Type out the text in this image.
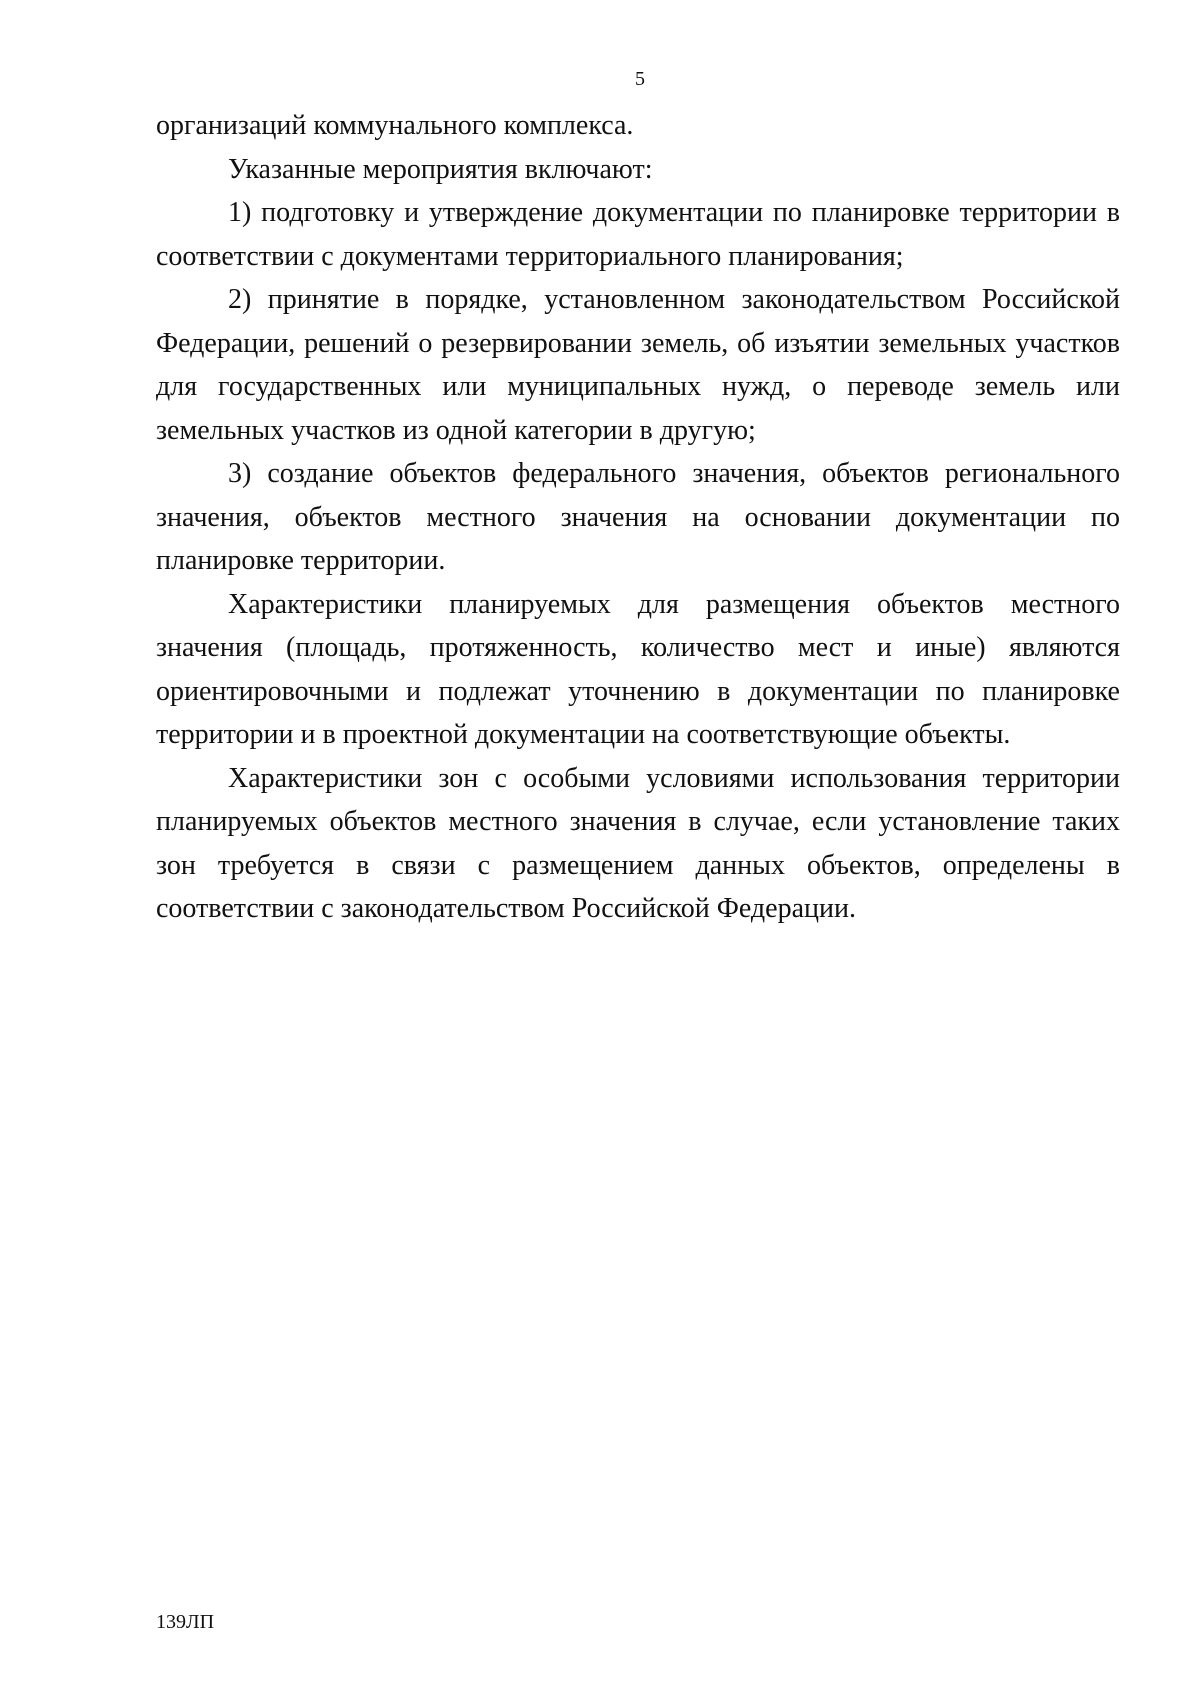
5

организаций коммунального комплекса.

Указанные мероприятия включают:

1) подготовку и утверждение документации по планировке территории в соответствии с документами территориального планирования;

2) принятие в порядке, установленном законодательством Российской Федерации, решений о резервировании земель, об изъятии земельных участков для государственных или муниципальных нужд, о переводе земель или земельных участков из одной категории в другую;

3) создание объектов федерального значения, объектов регионального значения, объектов местного значения на основании документации по планировке территории.

Характеристики планируемых для размещения объектов местного значения (площадь, протяженность, количество мест и иные) являются ориентировочными и подлежат уточнению в документации по планировке территории и в проектной документации на соответствующие объекты.

Характеристики зон с особыми условиями использования территории планируемых объектов местного значения в случае, если установление таких зон требуется в связи с размещением данных объектов, определены в соответствии с законодательством Российской Федерации.

139ЛП
